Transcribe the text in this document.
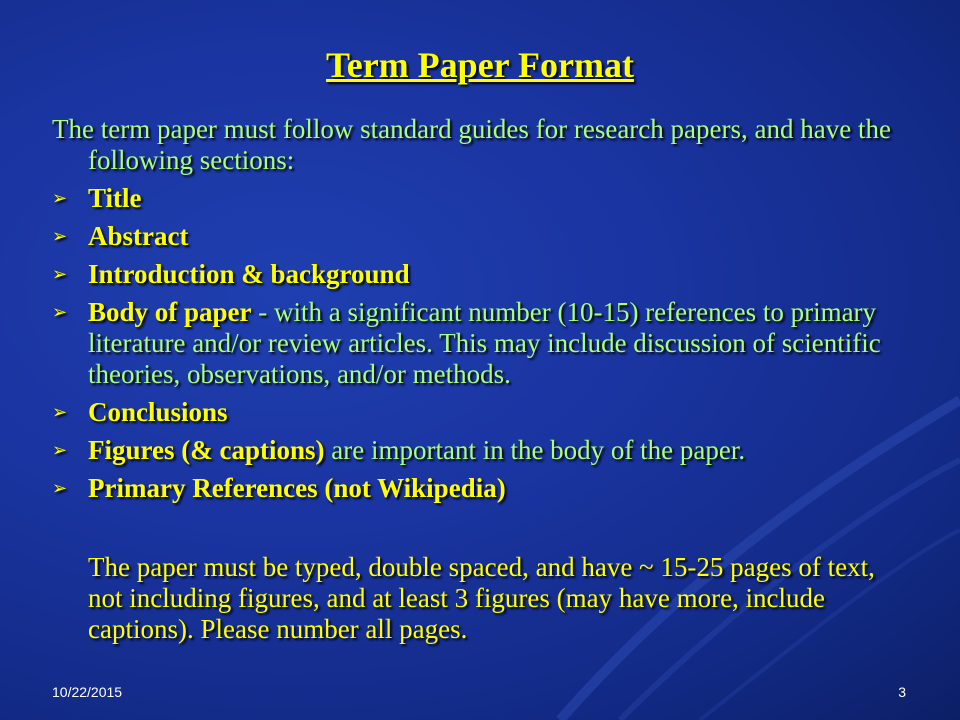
Term Paper Format
The term paper must follow standard guides for research papers, and have the following sections:
➢ Title
➢ Abstract
➢ Introduction & background
➢ Body of paper - with a significant number (10-15) references to primary literature and/or review articles. This may include discussion of scientific theories, observations, and/or methods.
➢ Conclusions
➢ Figures (& captions) are important in the body of the paper.
➢ Primary References (not Wikipedia)
The paper must be typed, double spaced, and have ~ 15-25 pages of text, not including figures, and at least 3 figures (may have more, include captions). Please number all pages.
10/22/2015	3
